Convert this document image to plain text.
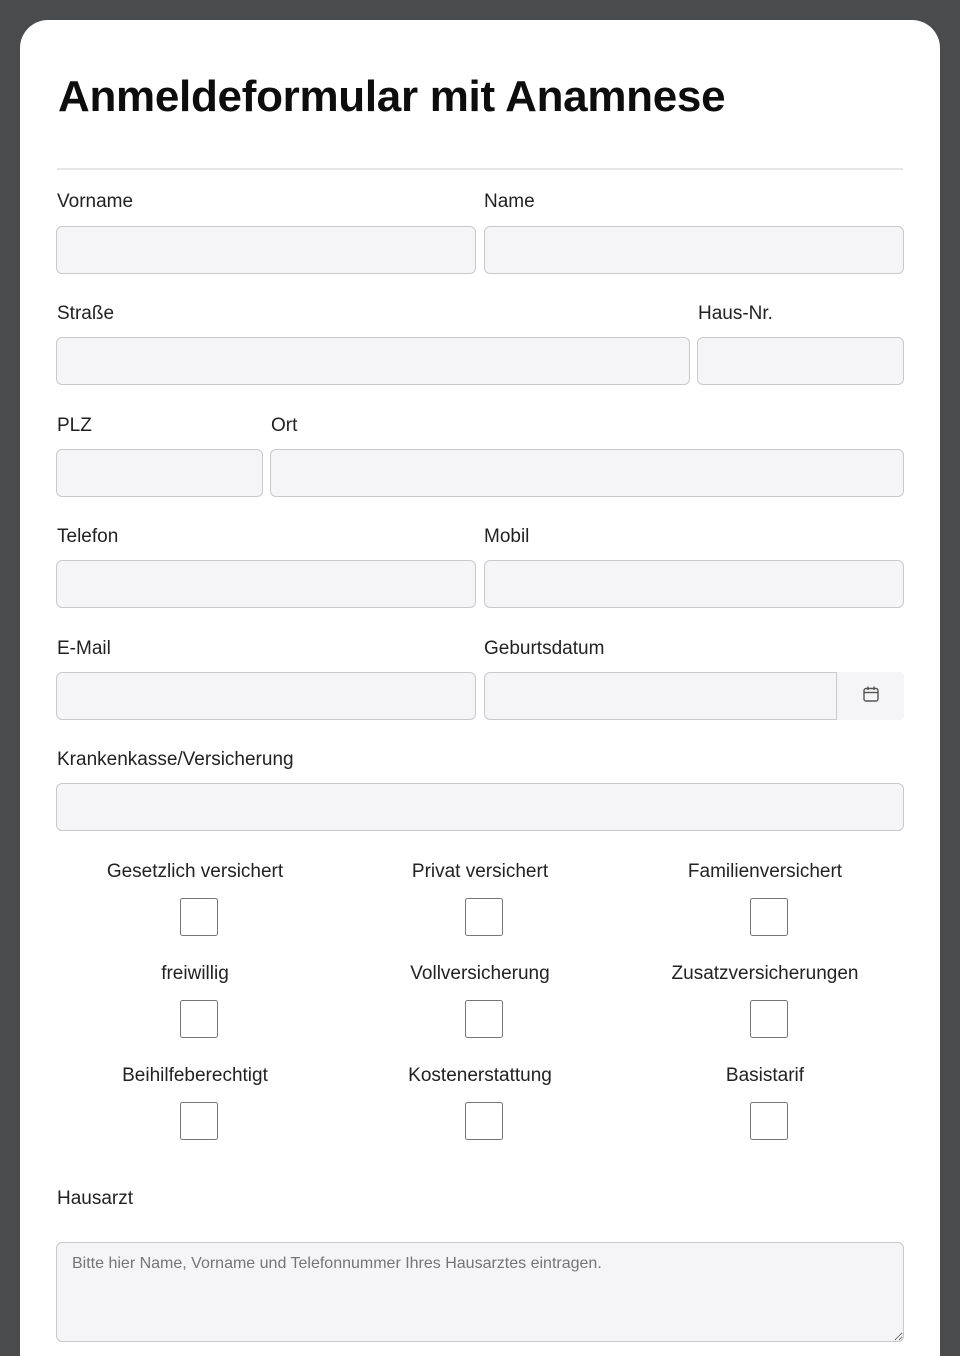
Anmeldeformular mit Anamnese
Vorname	Name
Straße	Haus-Nr.
PLZ	Ort
Telefon	Mobil
E-Mail	Geburtsdatum
Krankenkasse/Versicherung
Gesetzlich versichert	Privat versichert	Familienversichert
freiwillig	Vollversicherung	Zusatzversicherungen
Beihilfeberechtigt	Kostenerstattung	Basistarif
Hausarzt
Bitte hier Name, Vorname und Telefonnummer Ihres Hausarztes eintragen.
